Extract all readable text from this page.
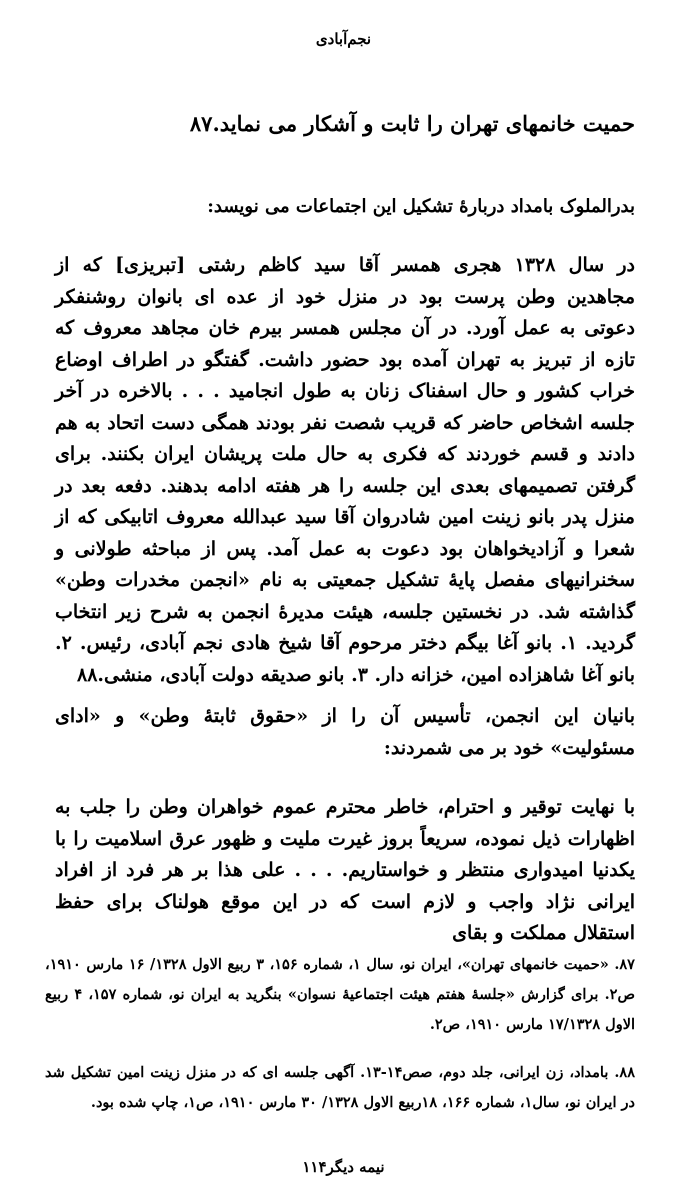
نجم‌آبادی
حمیت خانمهای تهران را ثابت و آشکار می نماید.۸۷
بدرالملوک بامداد دربارهٔ تشکیل این اجتماعات می نویسد:
در سال ۱۳۲۸ هجری همسر آقا سید کاظم رشتی [تبریزی] که از مجاهدین وطن پرست بود در منزل خود از عده ای بانوان روشنفکر دعوتی به عمل آورد. در آن مجلس همسر بیرم خان مجاهد معروف که تازه از تبریز به تهران آمده بود حضور داشت. گفتگو در اطراف اوضاع خراب کشور و حال اسفناک زنان به طول انجامید . . . بالاخره در آخر جلسه اشخاص حاضر که قریب شصت نفر بودند همگی دست اتحاد به هم دادند و قسم خوردند که فکری به حال ملت پریشان ایران بکنند. برای گرفتن تصمیمهای بعدی این جلسه را هر هفته ادامه بدهند. دفعه بعد در منزل پدر بانو زینت امین شادروان آقا سید عبدالله معروف اتابیکی که از شعرا و آزادیخواهان بود دعوت به عمل آمد. پس از مباحثه طولانی و سخنرانیهای مفصل پایهٔ تشکیل جمعیتی به نام «انجمن مخدرات وطن» گذاشته شد. در نخستین جلسه، هیئت مدیرهٔ انجمن به شرح زیر انتخاب گردید. ۱. بانو آغا بیگم دختر مرحوم آقا شیخ هادی نجم آبادی، رئیس. ۲. بانو آغا شاهزاده امین، خزانه دار. ۳. بانو صدیقه دولت آبادی، منشی.۸۸
بانیان این انجمن، تأسیس آن را از «حقوق ثابتهٔ وطن» و «ادای مسئولیت» خود بر می شمردند:
با نهایت توقیر و احترام، خاطر محترم عموم خواهران وطن را جلب به اظهارات ذیل نموده، سریعاً بروز غیرت ملیت و ظهور عرق اسلامیت را با یکدنیا امیدواری منتظر و خواستاریم. . . . علی هذا بر هر فرد از افراد ایرانی نژاد واجب و لازم است که در این موقع هولناک برای حفظ استقلال مملکت و بقای
۸۷. «حمیت خانمهای تهران»، ایران نو، سال ۱، شماره ۱۵۶، ۳ ربیع الاول ۱۳۲۸/ ۱۶ مارس ۱۹۱۰، ص۲. برای گزارش «جلسهٔ هفتم هیئت اجتماعیهٔ نسوان» بنگرید به ایران نو، شماره ۱۵۷، ۴ ربیع الاول ۱۷/۱۳۲۸ مارس ۱۹۱۰، ص۲.
۸۸. بامداد، زن ایرانی، جلد دوم، صص۱۴-۱۳. آگهی جلسه ای که در منزل زینت امین تشکیل شد در ایران نو، سال۱، شماره ۱۶۶، ۱۸ربیع الاول ۱۳۲۸/ ۳۰ مارس ۱۹۱۰، ص۱، چاپ شده بود.
نیمه دیگر۱۱۴
